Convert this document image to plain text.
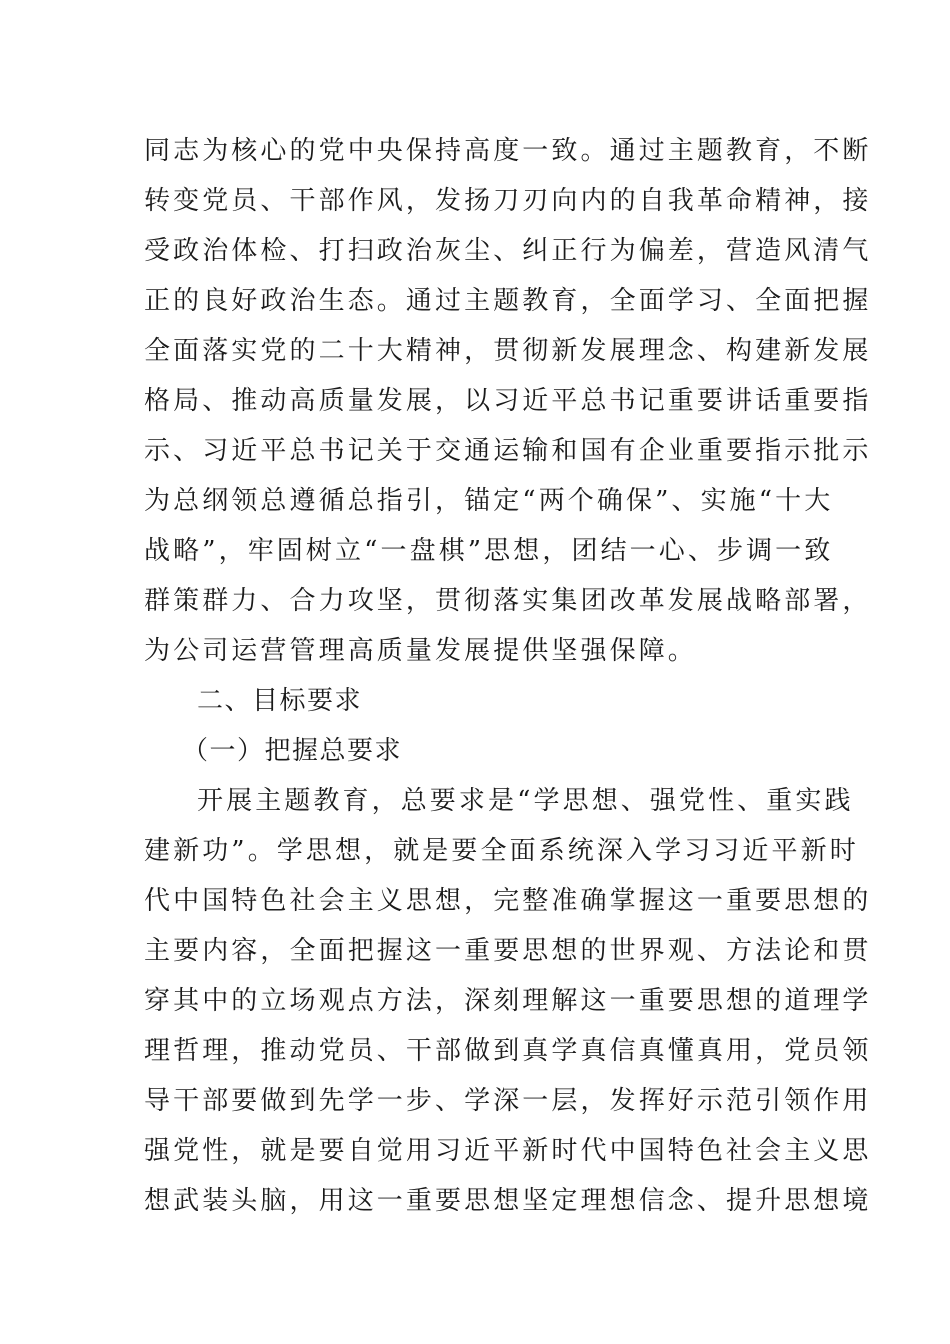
同志为核心的党中央保持高度一致。通过主题教育，不断
转变党员、干部作风，发扬刀刃向内的自我革命精神，接
受政治体检、打扫政治灰尘、纠正行为偏差，营造风清气
正的良好政治生态。通过主题教育，全面学习、全面把握
全面落实党的二十大精神，贯彻新发展理念、构建新发展
格局、推动高质量发展，以习近平总书记重要讲话重要指
示、习近平总书记关于交通运输和国有企业重要指示批示
为总纲领总遵循总指引，锚定“两个确保”、实施“十大
战略”，牢固树立“一盘棋”思想，团结一心、步调一致
群策群力、合力攻坚，贯彻落实集团改革发展战略部署，
为公司运营管理高质量发展提供坚强保障。
二、目标要求
（一）把握总要求
开展主题教育，总要求是“学思想、强党性、重实践
建新功”。学思想，就是要全面系统深入学习习近平新时
代中国特色社会主义思想，完整准确掌握这一重要思想的
主要内容，全面把握这一重要思想的世界观、方法论和贯
穿其中的立场观点方法，深刻理解这一重要思想的道理学
理哲理，推动党员、干部做到真学真信真懂真用，党员领
导干部要做到先学一步、学深一层，发挥好示范引领作用
强党性，就是要自觉用习近平新时代中国特色社会主义思
想武装头脑，用这一重要思想坚定理想信念、提升思想境
